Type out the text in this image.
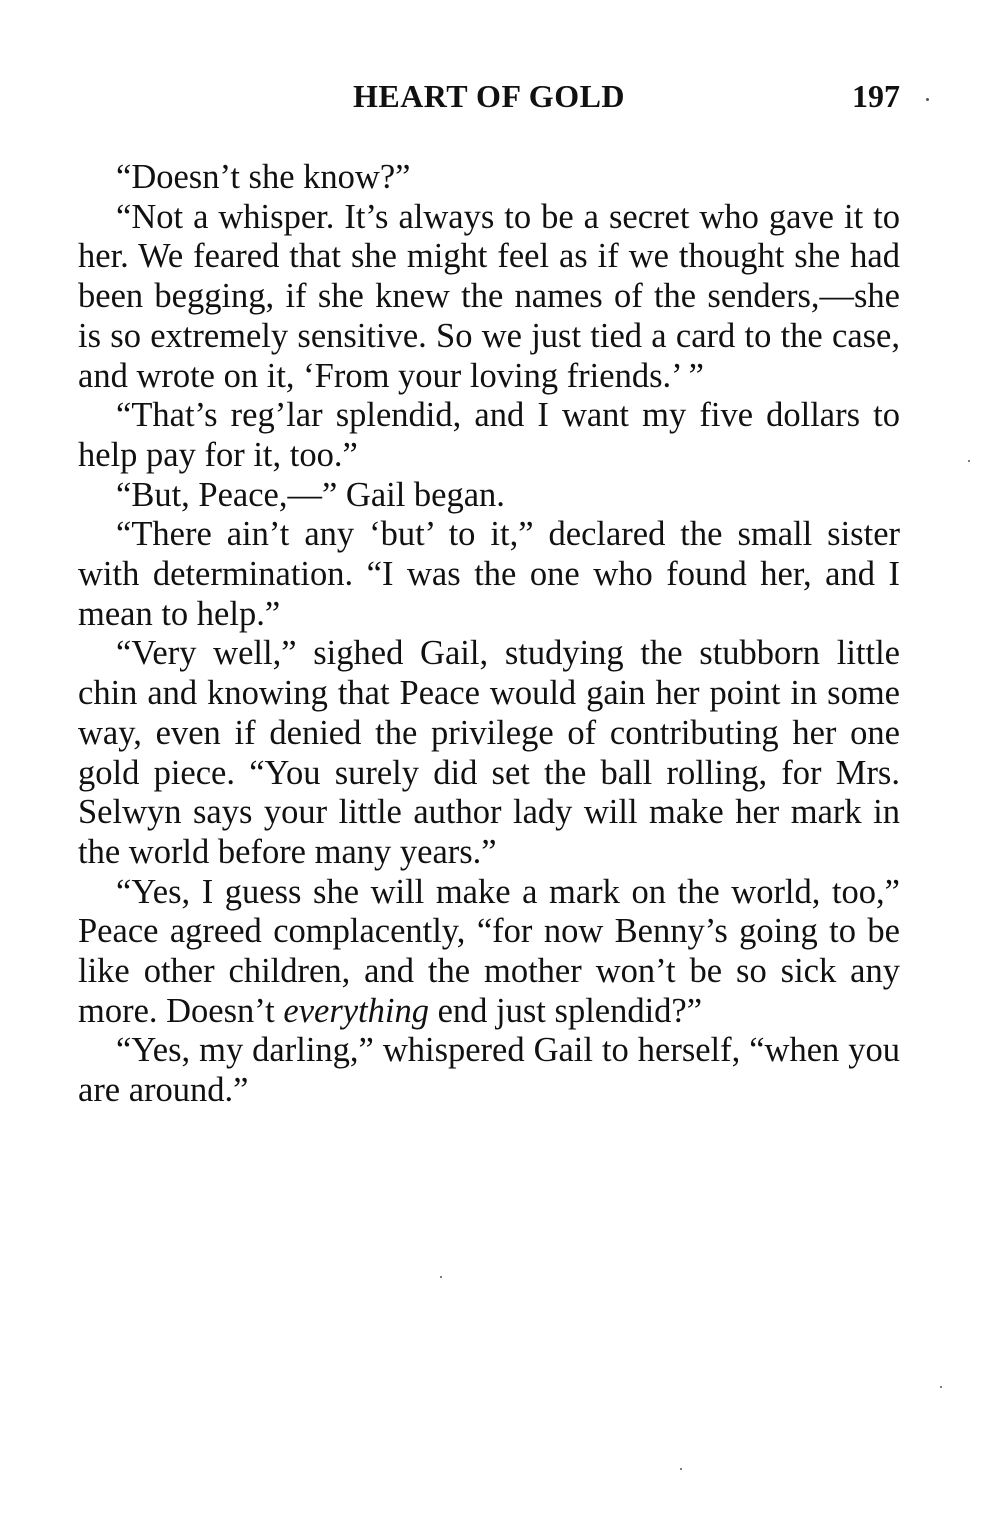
HEART OF GOLD	197

“Doesn’t she know?”

“Not a whisper. It’s always to be a secret who gave it to her. We feared that she might feel as if we thought she had been begging, if she knew the names of the senders,—she is so extremely sensitive. So we just tied a card to the case, and wrote on it, ‘From your loving friends.’ ”

“That’s reg’lar splendid, and I want my five dollars to help pay for it, too.”

“But, Peace,—” Gail began.

“There ain’t any ‘but’ to it,” declared the small sister with determination. “I was the one who found her, and I mean to help.”

“Very well,” sighed Gail, studying the stubborn little chin and knowing that Peace would gain her point in some way, even if denied the privilege of contributing her one gold piece. “You surely did set the ball rolling, for Mrs. Selwyn says your little author lady will make her mark in the world before many years.”

“Yes, I guess she will make a mark on the world, too,” Peace agreed complacently, “for now Benny’s going to be like other children, and the mother won’t be so sick any more. Doesn’t everything end just splendid?”

“Yes, my darling,” whispered Gail to herself, “when you are around.”
